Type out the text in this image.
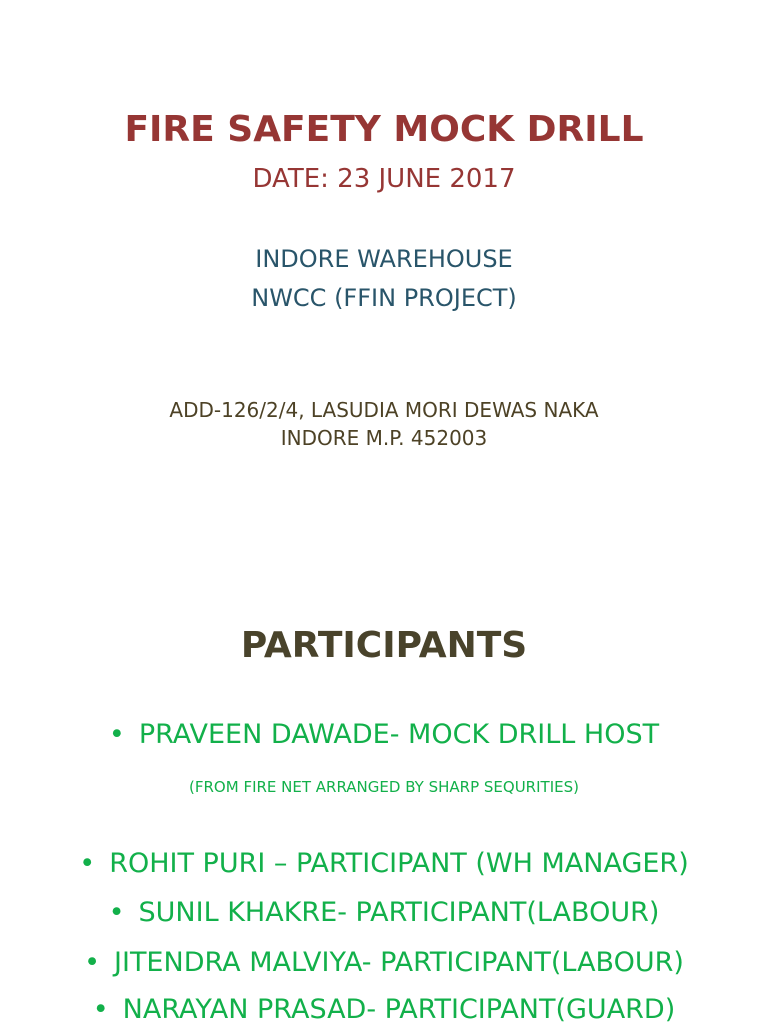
FIRE SAFETY MOCK DRILL

DATE: 23 JUNE 2017

INDORE WAREHOUSE

NWCC (FFIN PROJECT)

ADD-126/2/4, LASUDIA MORI DEWAS NAKA

INDORE M.P. 452003

PARTICIPANTS

• PRAVEEN DAWADE- MOCK DRILL HOST

(FROM FIRE NET ARRANGED BY SHARP SEQURITIES)

• ROHIT PURI – PARTICIPANT (WH MANAGER)

• SUNIL KHAKRE- PARTICIPANT(LABOUR)

• JITENDRA MALVIYA- PARTICIPANT(LABOUR)

• NARAYAN PRASAD- PARTICIPANT(GUARD)
